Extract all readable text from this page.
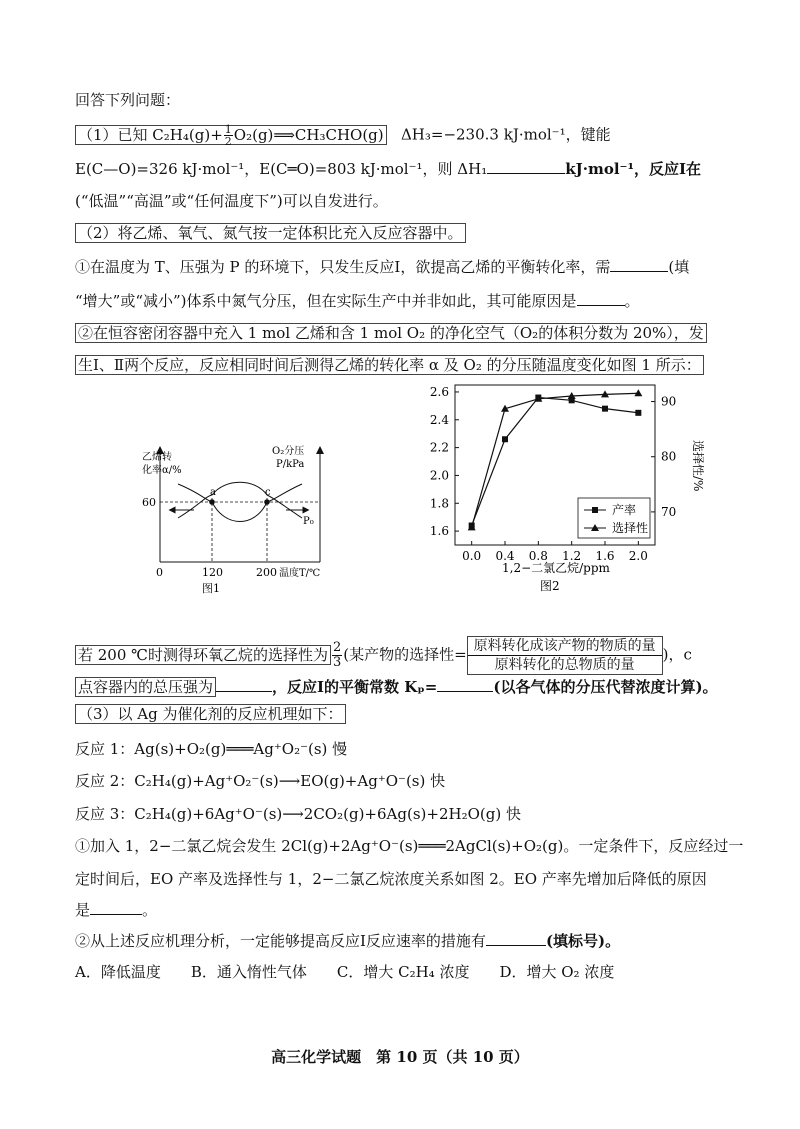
回答下列问题：
（1）已知 $C_2H_4(g)+ \frac{1}{2}$ O₂(g)⟹CH₃CHO(g) ΔH₃=−230.3 kJ·mol⁻¹，键能
E(C—O)=326 kJ·mol⁻¹，E(C═O)=803 kJ·mol⁻¹，则 ΔH₁	kJ·mol⁻¹，反应Ⅰ在
(“低温”“高温”或“任何温度下”)可以自发进行。
（2）将乙烯、氧气、氮气按一定体积比充入反应容器中。
①在温度为 T、压强为 P 的环境下，只发生反应Ⅰ，欲提高乙烯的平衡转化率，需	(填
“增大”或“减小”)体系中氮气分压，但在实际生产中并非如此，其可能原因是	。
②在恒容密闭容器中充入 1 mol 乙烯和含 1 mol O₂ 的净化空气（O₂的体积分数为 20%），发
生Ⅰ、Ⅱ两个反应，反应相同时间后测得乙烯的转化率 α 及 O₂ 的分压随温度变化如图 1 所示：
a	c
乙烯转
化率α/%
O₂分压
P/kPa
60
P₀
0	120	200 温度T/℃
图1
2.6
2.4
2.2
2.0
1.8
1.6
90
80
70
0.0 0.4 0.8 1.2 1.6 2.0
产率
选择性
选择性/%
1,2−二氯乙烷/ppm
图2
若 200 ℃时测得环氧乙烷的选择性为 $\frac{2}{3}$ (某产物的选择性= 原料转化成该产物的物质的量
原料转化的总物质的量
)，c
点容器内的总压强为	，反应Ⅰ的平衡常数 Kₚ=	(以各气体的分压代替浓度计算)。
（3）以 Ag 为催化剂的反应机理如下：
反应 1：Ag(s)+O₂(g)═══Ag⁺O₂⁻(s) 慢
反应 2：C₂H₄(g)+Ag⁺O₂⁻(s)⟶EO(g)+Ag⁺O⁻(s) 快
反应 3：C₂H₄(g)+6Ag⁺O⁻(s)⟶2CO₂(g)+6Ag(s)+2H₂O(g) 快
①加入 1，2−二氯乙烷会发生 2Cl(g)+2Ag⁺O⁻(s)═══2AgCl(s)+O₂(g)。一定条件下，反应经过一
定时间后，EO 产率及选择性与 1，2−二氯乙烷浓度关系如图 2。EO 产率先增加后降低的原因
是	。
②从上述反应机理分析，一定能够提高反应Ⅰ反应速率的措施有	(填标号)。
A．降低温度　　B．通入惰性气体　　C．增大 C₂H₄ 浓度　　D．增大 O₂ 浓度
高三化学试题　第 10 页（共 10 页）
